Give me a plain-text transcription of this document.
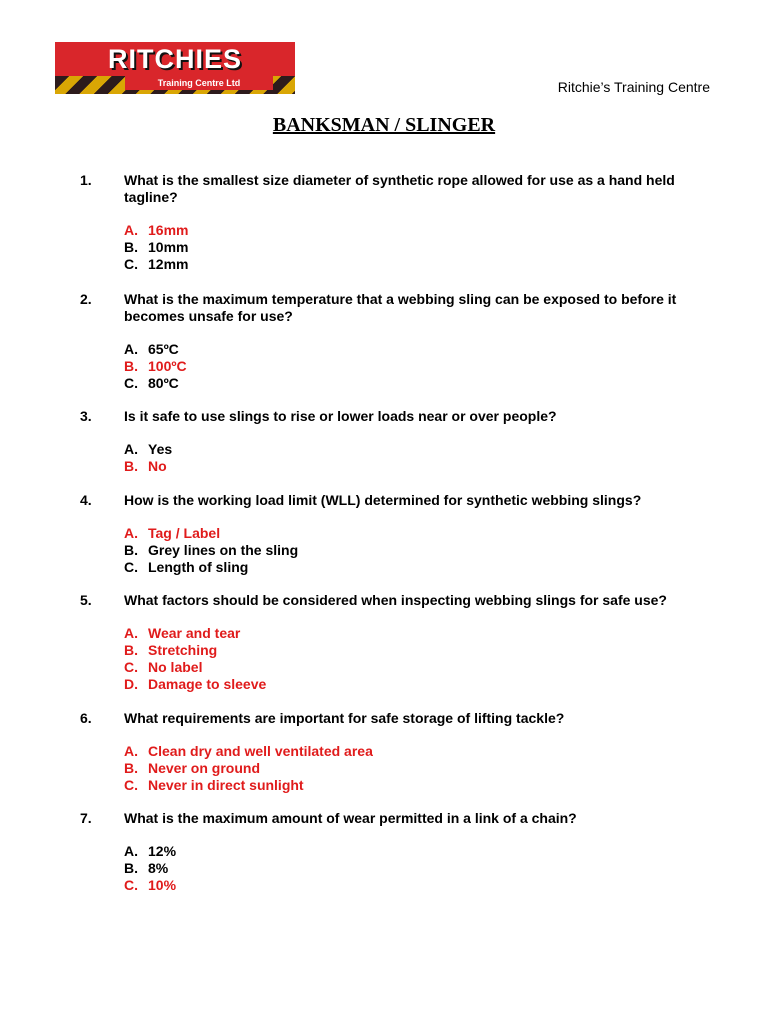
RITCHIES
Training Centre Ltd	Ritchie’s Training Centre
BANKSMAN / SLINGER
1. What is the smallest size diameter of synthetic rope allowed for use as a hand held tagline?
A. 16mm
B. 10mm
C. 12mm
2. What is the maximum temperature that a webbing sling can be exposed to before it becomes unsafe for use?
A. 65ºC
B. 100ºC
C. 80ºC
3. Is it safe to use slings to rise or lower loads near or over people?
A. Yes
B. No
4. How is the working load limit (WLL) determined for synthetic webbing slings?
A. Tag / Label
B. Grey lines on the sling
C. Length of sling
5. What factors should be considered when inspecting webbing slings for safe use?
A. Wear and tear
B. Stretching
C. No label
D. Damage to sleeve
6. What requirements are important for safe storage of lifting tackle?
A. Clean dry and well ventilated area
B. Never on ground
C. Never in direct sunlight
7. What is the maximum amount of wear permitted in a link of a chain?
A. 12%
B. 8%
C. 10%
